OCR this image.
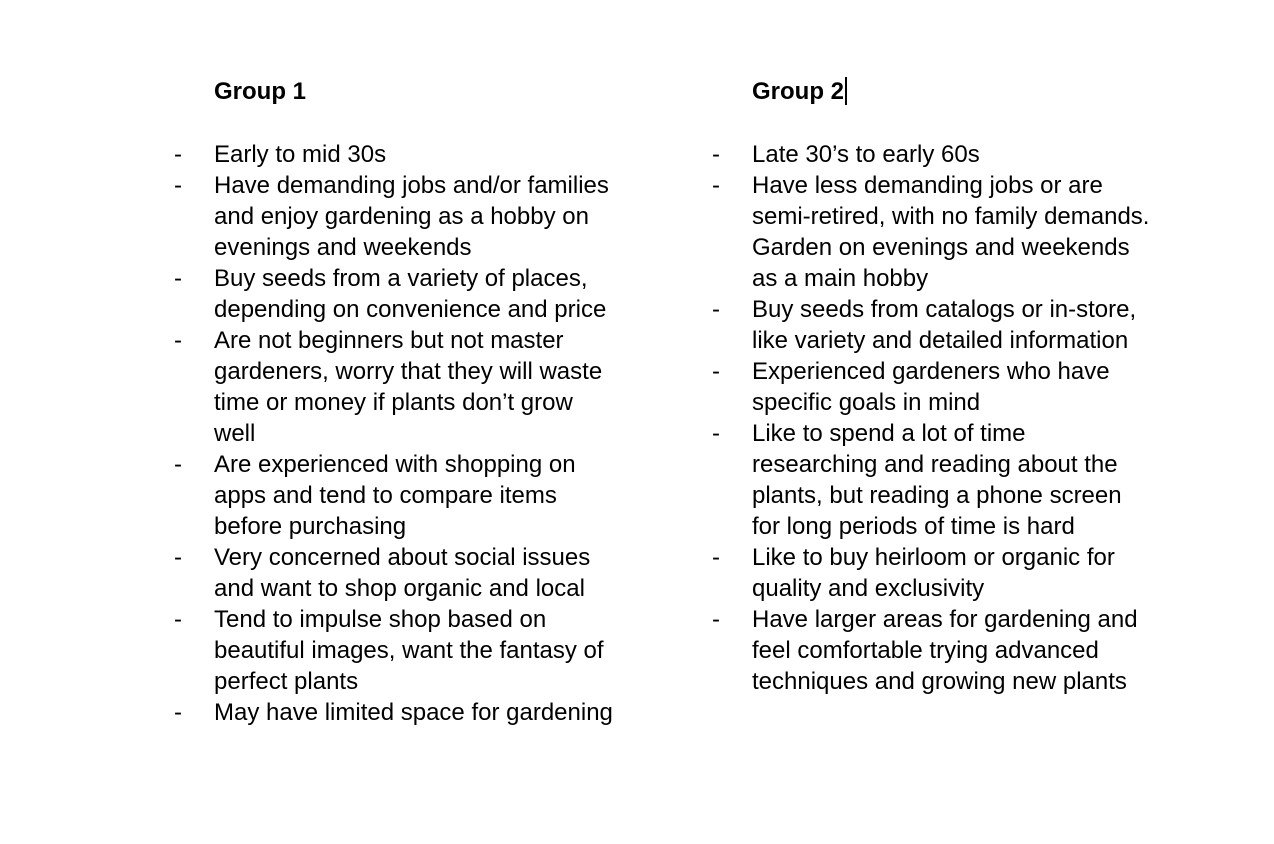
Group 1
- Early to mid 30s
- Have demanding jobs and/or families and enjoy gardening as a hobby on evenings and weekends
- Buy seeds from a variety of places, depending on convenience and price
- Are not beginners but not master gardeners, worry that they will waste time or money if plants don’t grow well
- Are experienced with shopping on apps and tend to compare items before purchasing
- Very concerned about social issues and want to shop organic and local
- Tend to impulse shop based on beautiful images, want the fantasy of perfect plants
- May have limited space for gardening
Group 2
- Late 30’s to early 60s
- Have less demanding jobs or are semi-retired, with no family demands. Garden on evenings and weekends as a main hobby
- Buy seeds from catalogs or in-store, like variety and detailed information
- Experienced gardeners who have specific goals in mind
- Like to spend a lot of time researching and reading about the plants, but reading a phone screen for long periods of time is hard
- Like to buy heirloom or organic for quality and exclusivity
- Have larger areas for gardening and feel comfortable trying advanced techniques and growing new plants
